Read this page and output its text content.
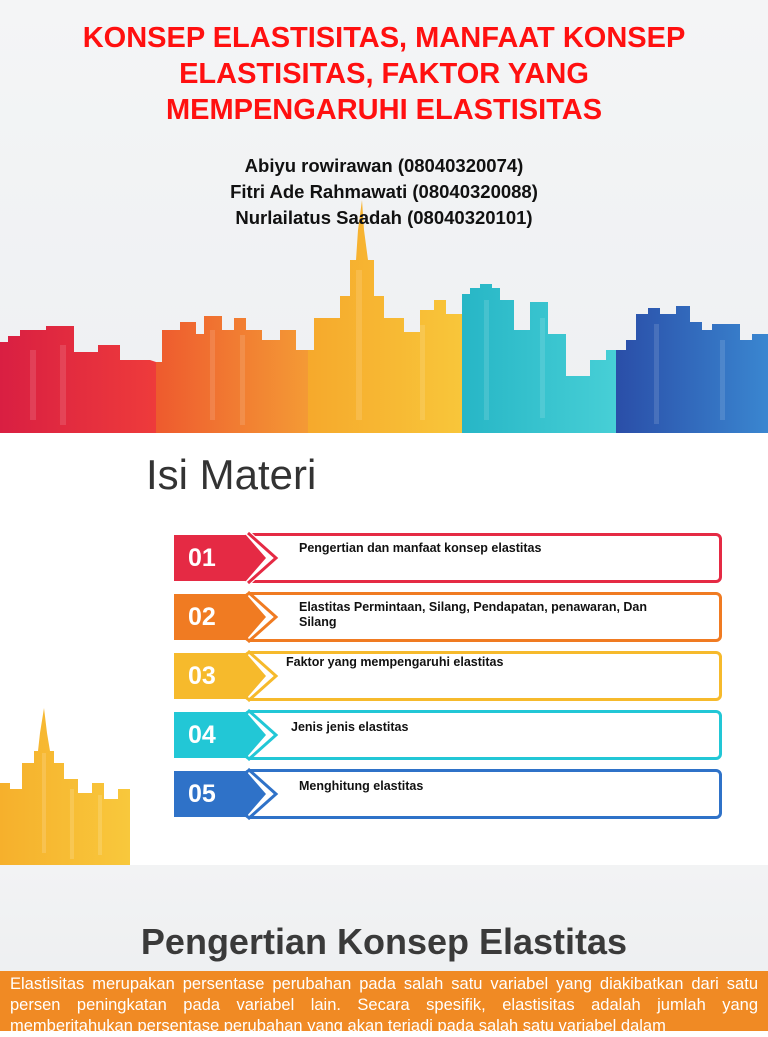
KONSEP ELASTISITAS, MANFAAT KONSEP ELASTISITAS, FAKTOR YANG MEMPENGARUHI ELASTISITAS
Abiyu rowirawan (08040320074)
Fitri Ade Rahmawati (08040320088)
Nurlailatus Saadah (08040320101)
Isi Materi
01	Pengertian dan manfaat konsep elastitas
02	Elastitas Permintaan, Silang, Pendapatan, penawaran, Dan Silang
03	Faktor yang mempengaruhi elastitas
04	Jenis jenis elastitas
05	Menghitung elastitas
Pengertian Konsep Elastitas

Elastisitas merupakan persentase perubahan pada salah satu variabel yang diakibatkan dari satu persen peningkatan pada variabel lain. Secara spesifik, elastisitas adalah jumlah yang memberitahukan persentase perubahan yang akan terjadi pada salah satu variabel dalam
